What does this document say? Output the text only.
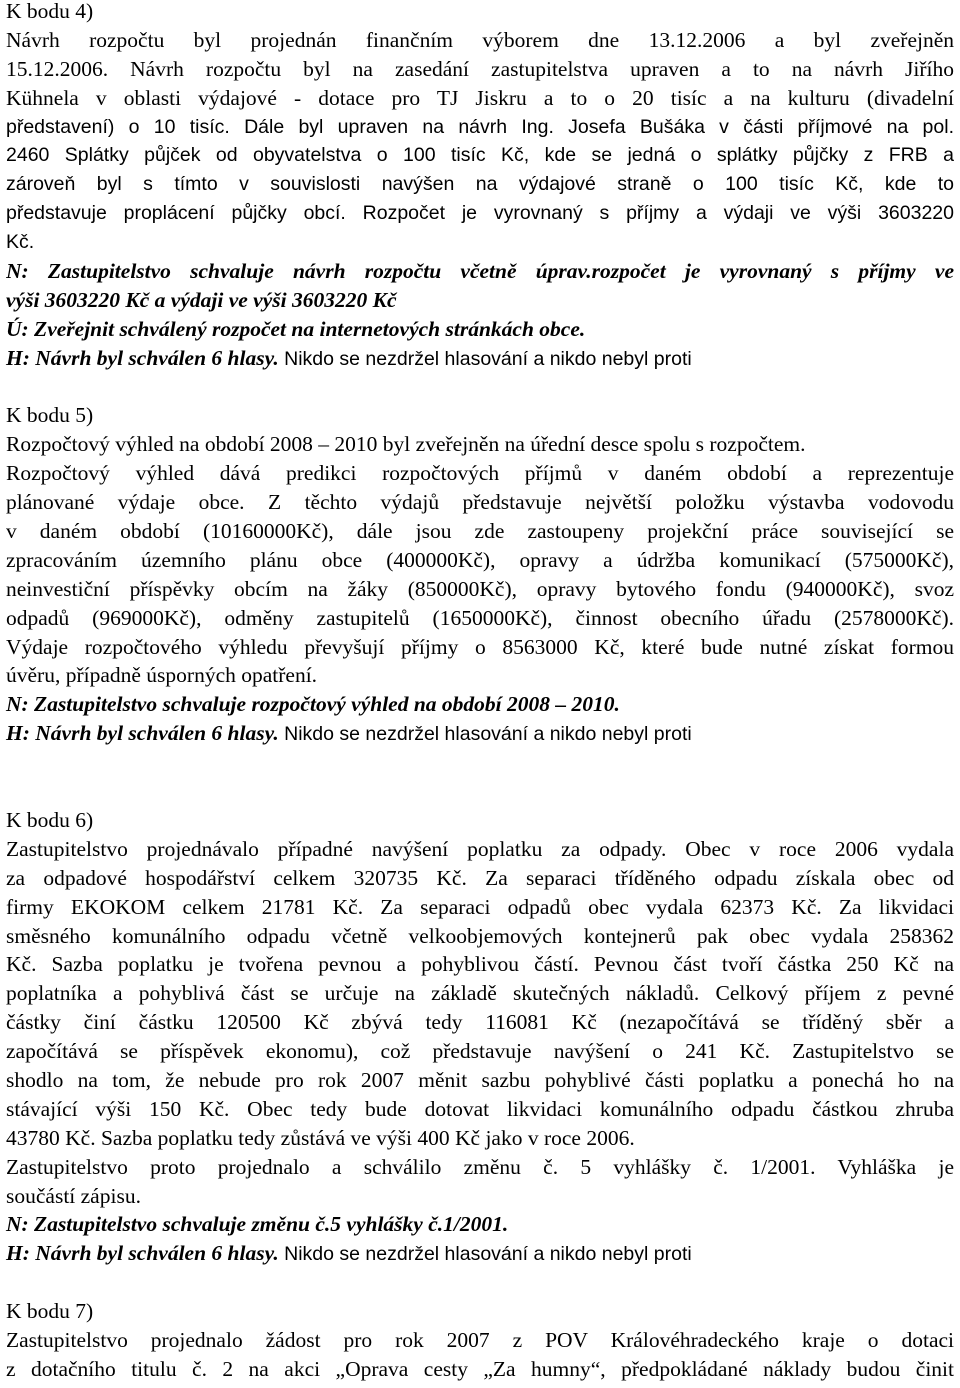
K bodu 4)
Návrh rozpočtu byl projednán finančním výborem dne 13.12.2006 a byl zveřejněn
15.12.2006. Návrh rozpočtu byl na zasedání zastupitelstva upraven a to na návrh Jiřího
Kühnela v oblasti výdajové - dotace pro TJ Jiskru a to o 20 tisíc a na kulturu (divadelní
představení) o 10 tisíc. Dále byl upraven na návrh Ing. Josefa Bušáka v části příjmové na pol.
2460 Splátky půjček od obyvatelstva o 100 tisíc Kč, kde se jedná o splátky půjčky z FRB a
zároveň byl s tímto v souvislosti navýšen na výdajové straně o 100 tisíc Kč, kde to
představuje proplácení půjčky obcí. Rozpočet je vyrovnaný s příjmy a výdaji ve výši 3603220
Kč.
N: Zastupitelstvo schvaluje návrh rozpočtu včetně úprav.rozpočet je vyrovnaný s příjmy ve
výši 3603220 Kč a výdaji ve výši 3603220 Kč
Ú: Zveřejnit schválený rozpočet na internetových stránkách obce.
H: Návrh byl schválen 6 hlasy. Nikdo se nezdržel hlasování a nikdo nebyl proti
K bodu 5)
Rozpočtový výhled na období 2008 – 2010 byl zveřejněn na úřední desce spolu s rozpočtem.
Rozpočtový výhled dává predikci rozpočtových příjmů v daném období a reprezentuje
plánované výdaje obce. Z těchto výdajů představuje největší položku výstavba vodovodu
v daném období (10160000Kč), dále jsou zde zastoupeny projekční práce související se
zpracováním územního plánu obce (400000Kč), opravy a údržba komunikací (575000Kč),
neinvestiční příspěvky obcím na žáky (850000Kč), opravy bytového fondu (940000Kč), svoz
odpadů (969000Kč), odměny zastupitelů (1650000Kč), činnost obecního úřadu (2578000Kč).
Výdaje rozpočtového výhledu převyšují příjmy o 8563000 Kč, které bude nutné získat formou
úvěru, případně úsporných opatření.
N: Zastupitelstvo schvaluje rozpočtový výhled na období 2008 – 2010.
H: Návrh byl schválen 6 hlasy. Nikdo se nezdržel hlasování a nikdo nebyl proti
K bodu 6)
Zastupitelstvo projednávalo případné navýšení poplatku za odpady. Obec v roce 2006 vydala
za odpadové hospodářství celkem 320735 Kč. Za separaci tříděného odpadu získala obec od
firmy EKOKOM celkem 21781 Kč. Za separaci odpadů obec vydala 62373 Kč. Za likvidaci
směsného komunálního odpadu včetně velkoobjemových kontejnerů pak obec vydala 258362
Kč. Sazba poplatku je tvořena pevnou a pohyblivou částí. Pevnou část tvoří částka 250 Kč na
poplatníka a pohyblivá část se určuje na základě skutečných nákladů. Celkový příjem z pevné
částky činí částku 120500 Kč zbývá tedy 116081 Kč (nezapočítává se tříděný sběr a
započítává se příspěvek ekonomu), což představuje navýšení o 241 Kč. Zastupitelstvo se
shodlo na tom, že nebude pro rok 2007 měnit sazbu pohyblivé části poplatku a ponechá ho na
stávající výši 150 Kč. Obec tedy bude dotovat likvidaci komunálního odpadu částkou zhruba
43780 Kč. Sazba poplatku tedy zůstává ve výši 400 Kč jako v roce 2006.
Zastupitelstvo proto projednalo a schválilo změnu č. 5 vyhlášky č. 1/2001. Vyhláška je
součástí zápisu.
N: Zastupitelstvo schvaluje změnu č.5 vyhlášky č.1/2001.
H: Návrh byl schválen 6 hlasy. Nikdo se nezdržel hlasování a nikdo nebyl proti
K bodu 7)
Zastupitelstvo projednalo žádost pro rok 2007 z POV Královéhradeckého kraje o dotaci
z dotačního titulu č. 2 na akci „Oprava cesty „Za humny“, předpokládané náklady budou činit
